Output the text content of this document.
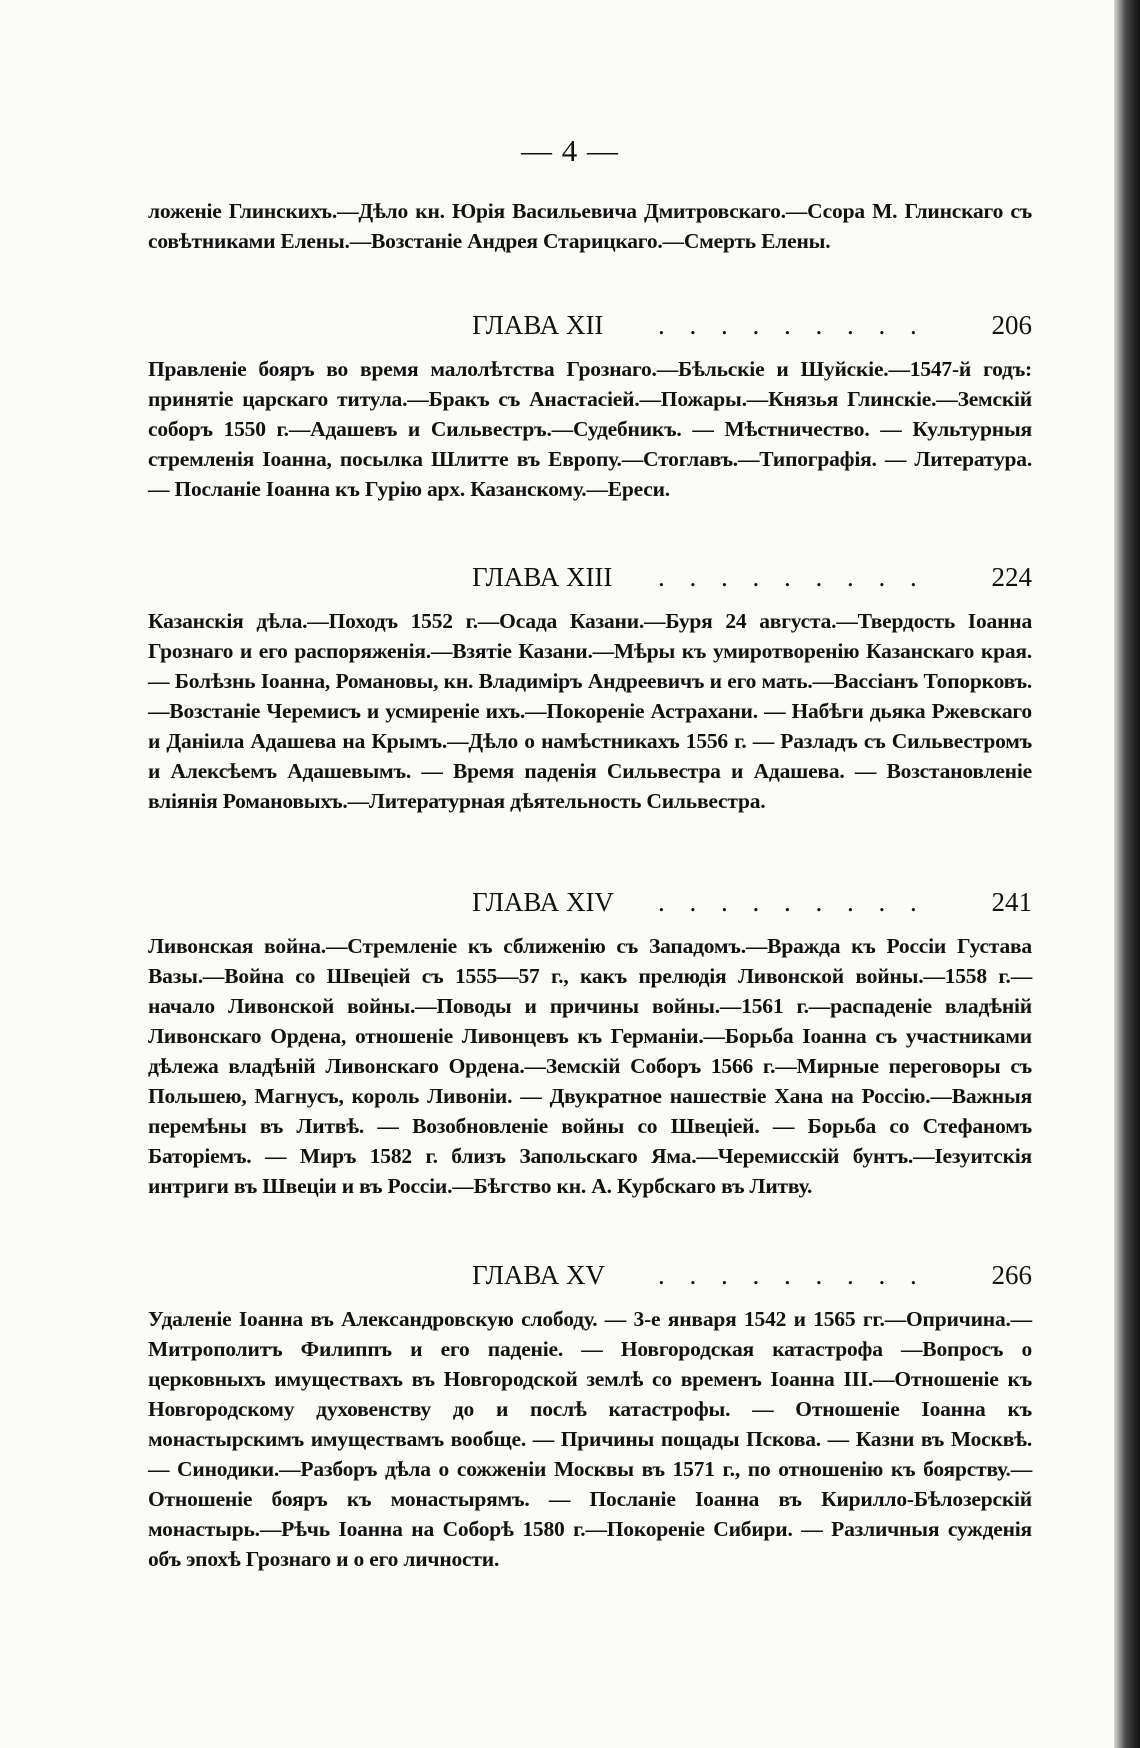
— 4 —

ложеніе Глинскихъ.—Дѣло кн. Юрія Васильевича Дмитровскаго.—Ссора М. Глинскаго съ совѣтниками Елены.—Возстаніе Андрея Старицкаго.—Смерть Елены.

ГЛАВА XII . . . . . . . . . 206

Правленіе бояръ во время малолѣтства Грознаго.—Бѣльскіе и Шуйскіе.—1547-й годъ: принятіе царскаго титула.—Бракъ съ Анастасіей.—Пожары.—Князья Глинскіе.—Земскій соборъ 1550 г.—Адашевъ и Сильвестръ.—Судебникъ. — Мѣстничество. — Культурныя стремленія Іоанна, посылка Шлитте въ Европу.—Стоглавъ.—Типографія. — Литература. — Посланіе Іоанна къ Гурію арх. Казанскому.—Ереси.

ГЛАВА XIII . . . . . . . . . 224

Казанскія дѣла.—Походъ 1552 г.—Осада Казани.—Буря 24 августа.—Твердость Іоанна Грознаго и его распоряженія.—Взятіе Казани.—Мѣры къ умиротворенію Казанскаго края. — Болѣзнь Іоанна, Романовы, кн. Владиміръ Андреевичъ и его мать.—Вассіанъ Топорковъ.—Возстаніе Черемисъ и усмиреніе ихъ.—Покореніе Астрахани. — Набѣги дьяка Ржевскаго и Даніила Адашева на Крымъ.—Дѣло о намѣстникахъ 1556 г. — Разладъ съ Сильвестромъ и Алексѣемъ Адашевымъ. — Время паденія Сильвестра и Адашева. — Возстановленіе вліянія Романовыхъ.—Литературная дѣятельность Сильвестра.

ГЛАВА XIV . . . . . . . . . 241

Ливонская война.—Стремленіе къ сближенію съ Западомъ.—Вражда къ Россіи Густава Вазы.—Война со Швеціей съ 1555—57 г., какъ прелюдія Ливонской войны.—1558 г.—начало Ливонской войны.—Поводы и причины войны.—1561 г.—распаденіе владѣній Ливонскаго Ордена, отношеніе Ливонцевъ къ Германіи.—Борьба Іоанна съ участниками дѣлежа владѣній Ливонскаго Ордена.—Земскій Соборъ 1566 г.—Мирные переговоры съ Польшею, Магнусъ, король Ливоніи. — Двукратное нашествіе Хана на Россію.—Важныя перемѣны въ Литвѣ. — Возобновленіе войны со Швеціей. — Борьба со Стефаномъ Баторіемъ. — Миръ 1582 г. близъ Запольскаго Яма.—Черемисскій бунтъ.—Іезуитскія интриги въ Швеціи и въ Россіи.—Бѣгство кн. А. Курбскаго въ Литву.

ГЛАВА XV . . . . . . . . . 266

Удаленіе Іоанна въ Александровскую слободу. — 3-е января 1542 и 1565 гг.—Опричина.—Митрополитъ Филиппъ и его паденіе. — Новгородская катастрофа —Вопросъ о церковныхъ имуществахъ въ Новгородской землѣ со временъ Іоанна III.—Отношеніе къ Новгородскому духовенству до и послѣ катастрофы. — Отношеніе Іоанна къ монастырскимъ имуществамъ вообще. — Причины пощады Пскова. — Казни въ Москвѣ. — Синодики.—Разборъ дѣла о сожженіи Москвы въ 1571 г., по отношенію къ боярству.—Отношеніе бояръ къ монастырямъ. — Посланіе Іоанна въ Кирилло-Бѣлозерскій монастырь.—Рѣчь Іоанна на Соборѣ 1580 г.—Покореніе Сибири. — Различныя сужденія объ эпохѣ Грознаго и о его личности.
